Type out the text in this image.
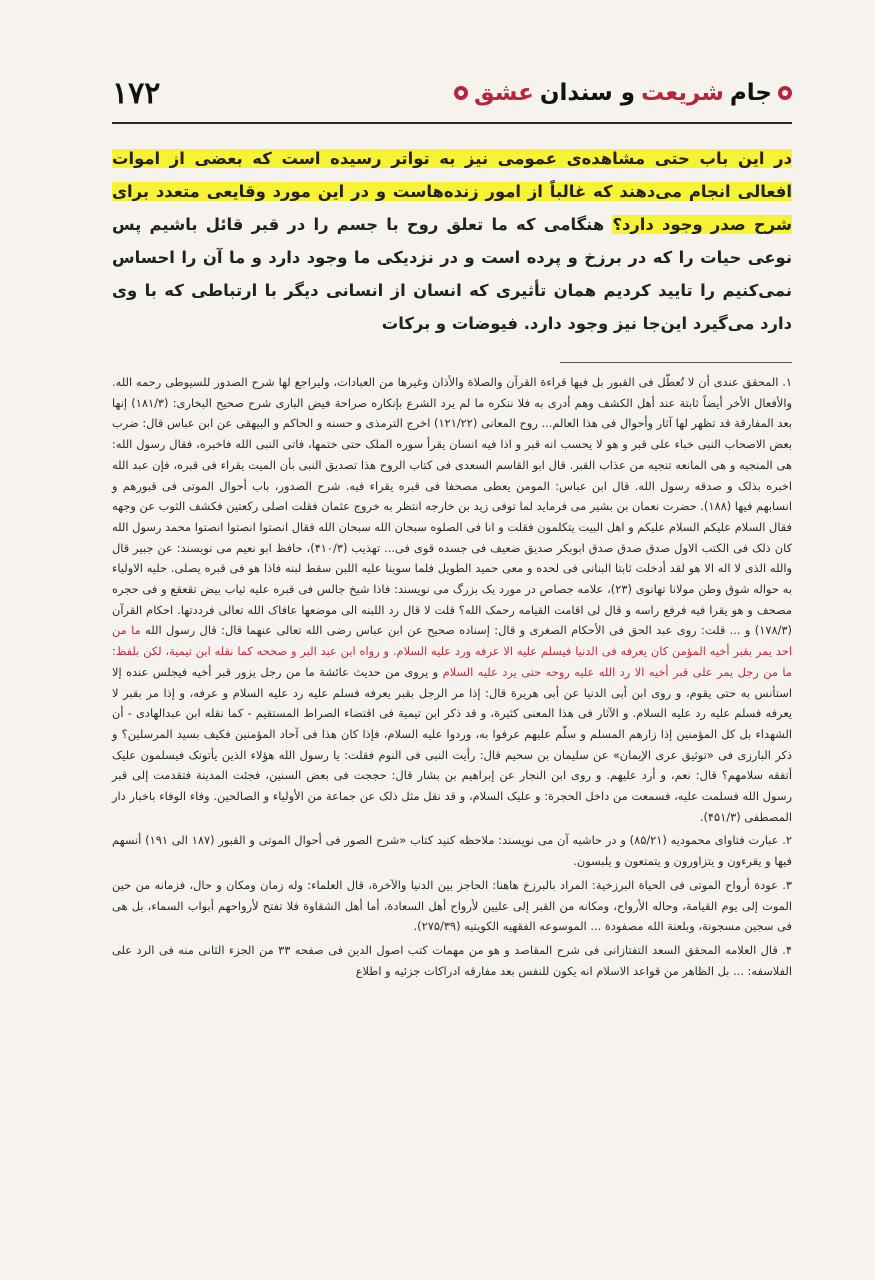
۱۷۲	جام
شریعت
و سندان
عشق

در این باب حتی مشاهده‌ی عمومی نیز به تواتر رسیده است که بعضی از اموات افعالی انجام می‌دهند که غالباً از امور زنده‌هاست و در این مورد وقایعی متعدد برای شرح صدر وجود دارد؟ هنگامی که ما تعلق روح با جسم را در قبر قائل باشیم پس نوعی حیات را که در برزخ و پرده است و در نزدیکی ما وجود دارد و ما آن را احساس نمی‌کنیم را تایید کردیم همان تأثیری که انسان از انسانی دیگر با ارتباطی که با وی دارد می‌گیرد این‌جا نیز وجود دارد. فیوضات و برکات

۱. المحقق عندی أن لا تُعطّل فی القبور بل فیها قراءة القرآن والصلاة والأذان وغیرها من العبادات، ولیراجع لها شرح الصدور للسیوطی رحمه الله. والأفعال الأخر أیضاً ثابتة عند أهل الکشف وهم أدری به فلا ننکره ما لم یرد الشرع بإنکاره صراحة فیض الباری شرح صحیح البخاری: (۱۸۱/۳) إنها بعد المفارقة قد تظهر لها آثار وأحوال فی هذا العالم... روح المعانی (۱۲۱/۲۲) اخرج الترمذی و حسنه و الحاکم و البیهقی عن ابن عباس قال: ضرب بعض الاصحاب النبی خباء علی قبر و هو لا یحسب انه قبر و اذا فیه انسان یقرأ سوره الملک حتی ختمها، فاتی النبی الله فاخبره، فقال رسول الله: هی المنجیه و هی المانعه تنجیه من عذاب القبر. قال ابو القاسم السعدی فی کتاب الروح هذا تصدیق النبی بأن المیت یقراء فی قبره، فإن عبد الله اخبره بذلک و صدقه رسول الله. قال ابن عباس: المومن یعطی مصحفا فی قبره یقراء فیه. شرح الصدور، باب أحوال الموتی فی قبورهم و انسابهم فیها (۱۸۸). حضرت نعمان بن بشیر می فرماید لما توفی زید بن خارجه انتظر به خروج عثمان فقلت اصلی رکعتین فکشف الثوب عن وجهه فقال السلام علیکم السلام علیکم و اهل البیت یتکلمون فقلت و انا فی الصلوه سبحان الله سبحان الله فقال انصتوا انصتوا انصتوا محمد رسول الله کان ذلک فی الکتب الاول صدق صدق صدق ابوبکر صدیق ضعیف فی جسده قوی فی... تهذیب (۴۱۰/۳)، حافظ ابو نعیم می نویسند: عن جبیر قال والله الذی لا اله الا هو لقد أدخلت ثابتا البنانی فی لحده و معی حمید الطویل فلما سوینا علیه اللبن سقط لبنه فاذا هو فی قبره یصلی. حلیه الاولیاء به حواله شوق وطن مولانا تهانوی (۲۳)، علامه جصاص در مورد یک بزرگ می نویسند: فاذا شیخ جالس فی قبره علیه ثیاب بیض تقعقع و فی حجره مصحف و هو یقرا فیه فرفع راسه و قال لی اقامت القیامه رحمک الله؟ قلت لا قال رد اللبنه الی موضعها عافاک الله تعالی فرددتها. احکام القرآن (۱۷۸/۳) و ... قلت: روی عبد الحق فی الأحکام الصغری و قال: إسناده صحیح عن ابن عباس رضی الله تعالی عنهما قال: قال رسول الله ما من احد یمر بقبر أخیه المؤمن کان یعرفه فی الدنیا فیسلم علیه الا عرفه ورد علیه السلام. و رواه ابن عبد البر و صححه کما نقله ابن تیمیة، لکن بلفظ: ما من رجل یمر علی قبر أخیه الا رد الله علیه روحه حتی یرد علیه السلام و یروی من حدیث عائشة ما من رجل یزور قبر أخیه فیجلس عنده إلا استأنس به حتی یقوم، و روی ابن أبی الدنیا عن أبی هریرة قال: إذا مر الرجل بقبر یعرفه فسلم علیه رد علیه السلام و عرفه، و إذا مر بقبر لا یعرفه فسلم علیه رد علیه السلام. و الآثار فی هذا المعنی کثیرة، و قد ذکر ابن تیمیة فی اقتضاء الصراط المستقیم - کما نقله ابن عبدالهادی - أن الشهداء بل کل المؤمنین إذا زارهم المسلم و سلّم علیهم عرفوا به، وردوا علیه السلام، فإذا کان هذا فی آحاد المؤمنین فکیف بسید المرسلین؟ و ذکر البارزی فی «توثیق عری الإیمان» عن سلیمان بن سحیم قال: رأیت النبی فی النوم فقلت: یا رسول الله هؤلاء الذین یأتونک فیسلمون علیک أتفقه سلامهم؟ قال: نعم، و أرد علیهم. و روی ابن النجار عن إبراهیم بن بشار قال: حججت فی بعض السنین، فجئت المدینة فتقدمت إلی قبر رسول الله فسلمت علیه، فسمعت من داخل الحجرة: و علیک السلام، و قد نقل مثل ذلک عن جماعة من الأولیاء و الصالحین. وفاء الوفاء باخبار دار المصطفی (۴۵۱/۳).

۲. عبارت فتاوای محمودیه (۸۵/۲۱) و در حاشیه آن می نویسند: ملاحظه کنید کتاب «شرح الصور فی أحوال الموتی و القبور (۱۸۷ الی ۱۹۱) أنسهم فیها و یقرءون و یتزاورون و یتمتعون و یلبسون.

۳. عودة أرواح الموتی فی الحیاة البرزخیة: المراد بالبرزخ هاهنا: الحاجز بین الدنیا والآخرة، قال العلماء: وله زمان ومکان و حال، فزمانه من حین الموت إلی یوم القیامة، وحاله الأرواح، ومکانه من القبر إلی علیین لأرواح أهل السعادة، أما أهل الشقاوة فلا تفتح لأرواحهم أبواب السماء، بل هی فی سجین مسجونة، وبلعنة الله مصفودة ... الموسوعه الفقهیه الکویتیه (۲۷۵/۳۹).

۴. قال العلامه المحقق السعد التفتازانی فی شرح المقاصد و هو من مهمات کتب اصول الدین فی صفحه ۳۳ من الجزء الثانی منه فی الرد علی الفلاسفه: ... بل الظاهر من قواعد الاسلام انه یکون للنفس بعد مفارقه ادراکات جزئیه و اطلاع
